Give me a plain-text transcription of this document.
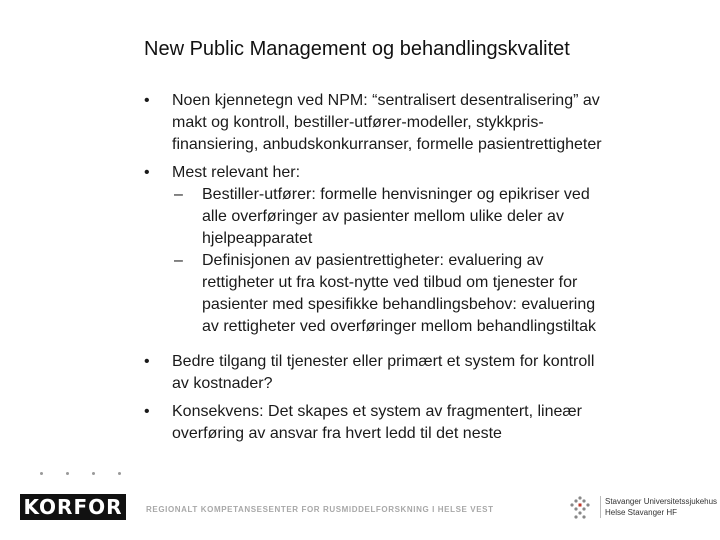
New Public Management og behandlingskvalitet
• Noen kjennetegn ved NPM: “sentralisert desentralisering” av
makt og kontroll, bestiller-utfører-modeller, stykkpris-
finansiering, anbudskonkurranser, formelle pasientrettigheter
• Mest relevant her:
– Bestiller-utfører: formelle henvisninger og epikriser ved
alle overføringer av pasienter mellom ulike deler av
hjelpeapparatet
– Definisjonen av pasientrettigheter: evaluering av
rettigheter ut fra kost-nytte ved tilbud om tjenester for
pasienter med spesifikke behandlingsbehov: evaluering
av rettigheter ved overføringer mellom behandlingstiltak
• Bedre tilgang til tjenester eller primært et system for kontroll
av kostnader?
• Konsekvens: Det skapes et system av fragmentert, lineær
overføring av ansvar fra hvert ledd til det neste
KORFOR	REGIONALT KOMPETANSESENTER FOR RUSMIDDELFORSKNING I HELSE VEST
Stavanger Universitetssjukehus
Helse Stavanger HF
